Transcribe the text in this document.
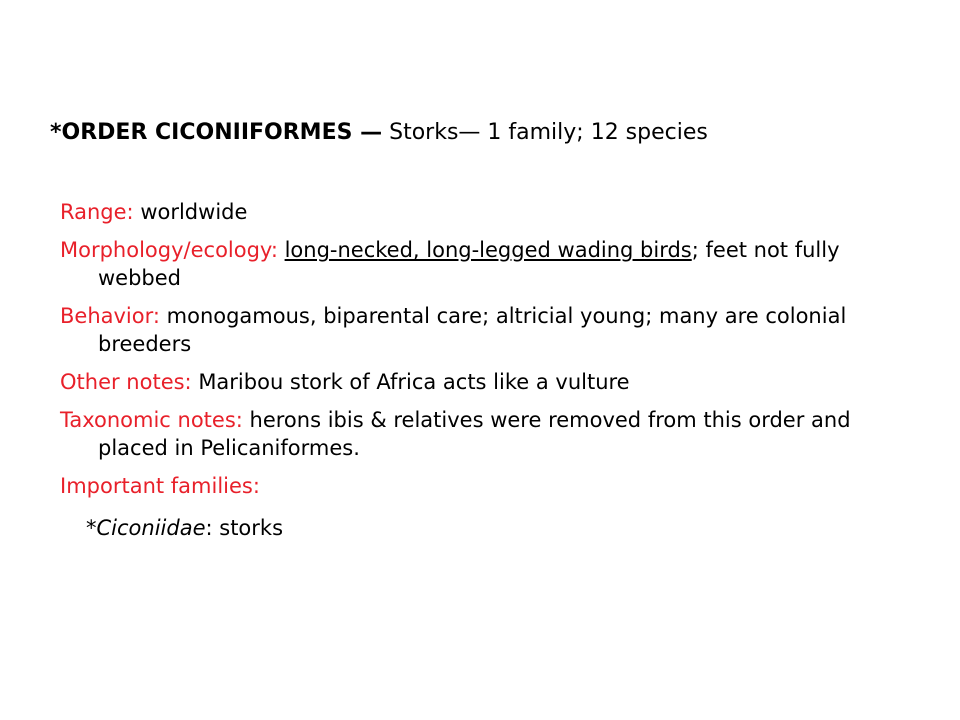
*ORDER CICONIIFORMES — Storks— 1 family; 12 species
Range: worldwide
Morphology/ecology: long-necked, long-legged wading birds; feet not fully webbed
Behavior: monogamous, biparental care; altricial young; many are colonial breeders
Other notes: Maribou stork of Africa acts like a vulture
Taxonomic notes: herons ibis & relatives were removed from this order and placed in Pelicaniformes.
Important families:
*Ciconiidae: storks
